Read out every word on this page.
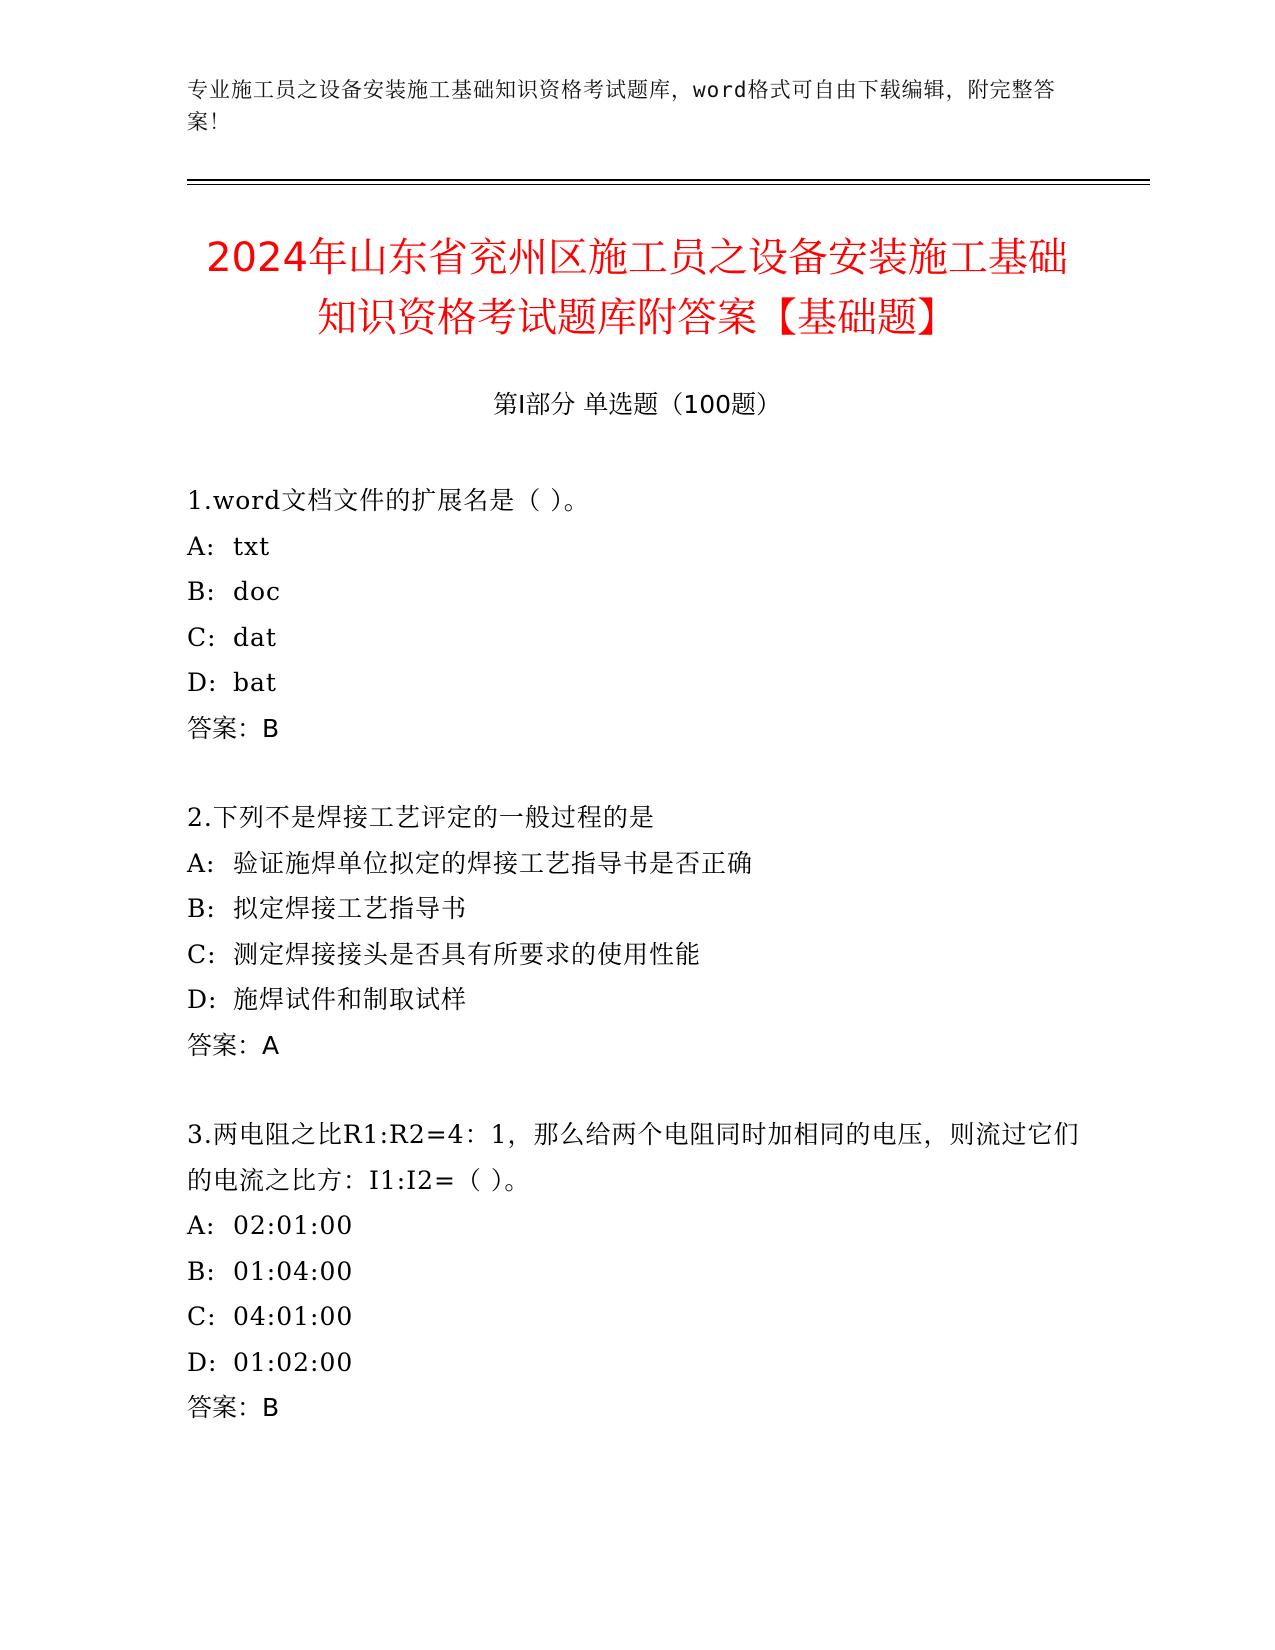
专业施工员之设备安装施工基础知识资格考试题库，word格式可自由下载编辑，附完整答案！
2024年山东省兖州区施工员之设备安装施工基础知识资格考试题库附答案【基础题】
第I部分 单选题（100题）
1.word文档文件的扩展名是（ ）。
A: txt
B: doc
C: dat
D: bat
答案：B
2.下列不是焊接工艺评定的一般过程的是
A: 验证施焊单位拟定的焊接工艺指导书是否正确
B: 拟定焊接工艺指导书
C: 测定焊接接头是否具有所要求的使用性能
D: 施焊试件和制取试样
答案：A
3.两电阻之比R1:R2=4：1，那么给两个电阻同时加相同的电压，则流过它们的电流之比方：I1:I2=（ ）。
A: 02:01:00
B: 01:04:00
C: 04:01:00
D: 01:02:00
答案：B
